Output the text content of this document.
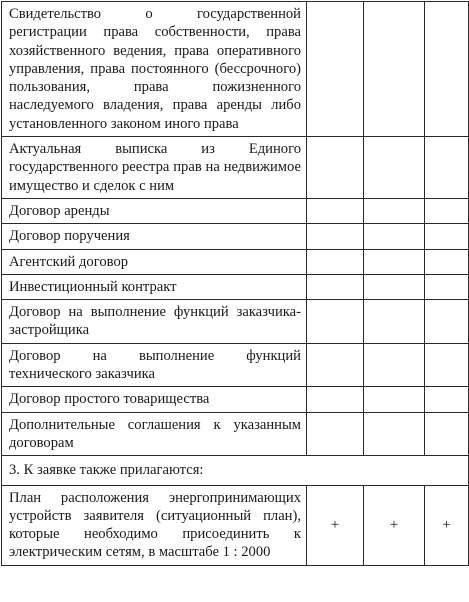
Свидетельство о государственной регистрации права собственности, права хозяйственного ведения, права оперативного управления, права постоянного (бессрочного) пользования, права пожизненного наследуемого владения, права аренды либо установленного законом иного права			

Актуальная выписка из Единого государственного реестра прав на недвижимое имущество и сделок с ним			

Договор аренды			

Договор поручения			

Агентский договор			

Инвестиционный контракт			

Договор на выполнение функций заказчика-застройщика			

Договор на выполнение функций технического заказчика			

Договор простого товарищества			

Дополнительные соглашения к указанным договорам			

3. К заявке также прилагаются:			

План расположения энергопринимающих устройств заявителя (ситуационный план), которые необходимо присоединить к электрическим сетям, в масштабе 1 : 2000	+	+	+
